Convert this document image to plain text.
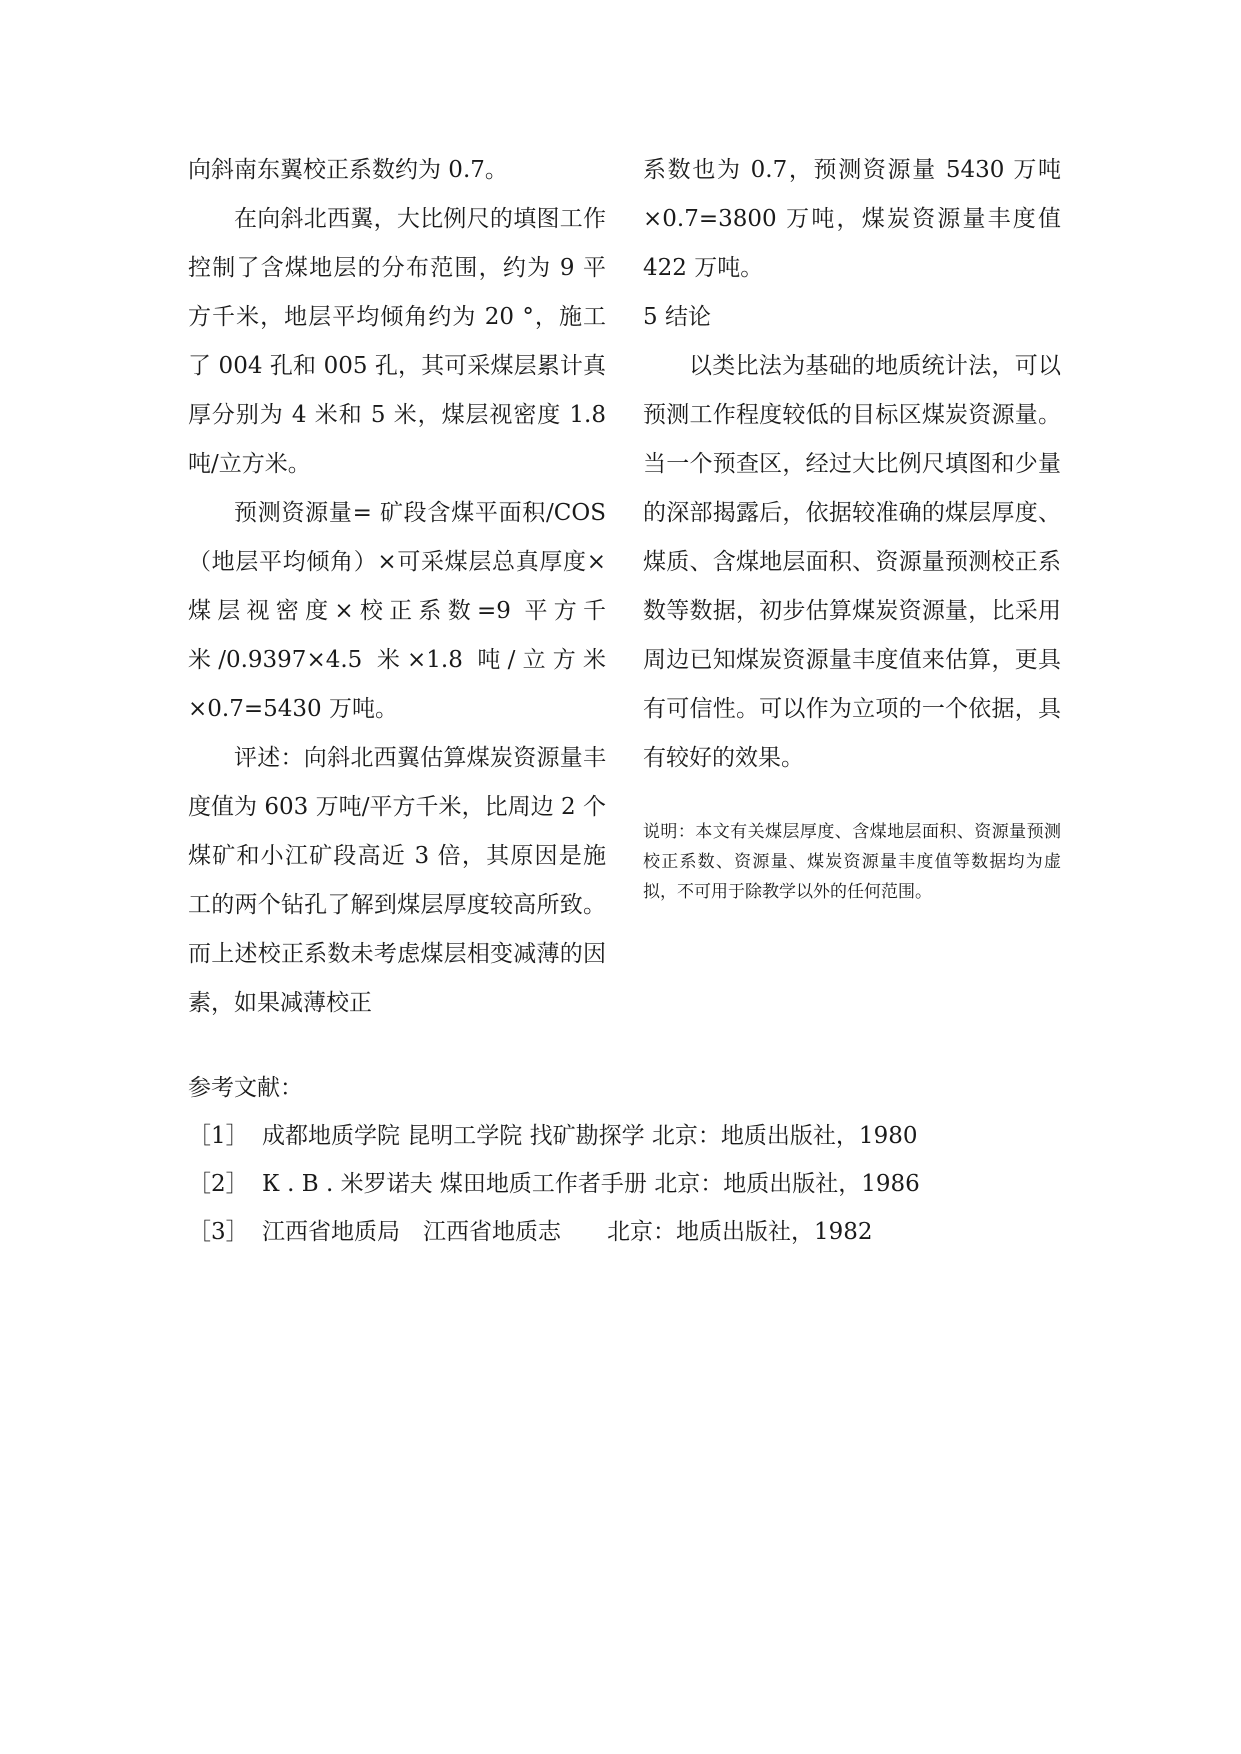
向斜南东翼校正系数约为 0.7。

在向斜北西翼，大比例尺的填图工作控制了含煤地层的分布范围，约为 9 平方千米，地层平均倾角约为 20 °，施工了 004 孔和 005 孔，其可采煤层累计真厚分别为 4 米和 5 米，煤层视密度 1.8 吨/立方米。

预测资源量= 矿段含煤平面积/COS（地层平均倾角）×可采煤层总真厚度×煤层视密度×校正系数=9 平方千米/0.9397×4.5 米×1.8 吨/立方米×0.7=5430 万吨。

评述：向斜北西翼估算煤炭资源量丰度值为 603 万吨/平方千米，比周边 2 个煤矿和小江矿段高近 3 倍，其原因是施工的两个钻孔了解到煤层厚度较高所致。而上述校正系数未考虑煤层相变减薄的因素，如果减薄校正

系数也为 0.7，预测资源量 5430 万吨×0.7=3800 万吨，煤炭资源量丰度值 422 万吨。

5 结论

以类比法为基础的地质统计法，可以预测工作程度较低的目标区煤炭资源量。当一个预查区，经过大比例尺填图和少量的深部揭露后，依据较准确的煤层厚度、煤质、含煤地层面积、资源量预测校正系数等数据，初步估算煤炭资源量，比采用周边已知煤炭资源量丰度值来估算，更具有可信性。可以作为立项的一个依据，具有较好的效果。

说明：本文有关煤层厚度、含煤地层面积、资源量预测校正系数、资源量、煤炭资源量丰度值等数据均为虚拟，不可用于除教学以外的任何范围。

参考文献：

［1］ 成都地质学院 昆明工学院 找矿勘探学 北京：地质出版社，1980

［2］ К . В . 米罗诺夫 煤田地质工作者手册 北京：地质出版社，1986

［3］ 江西省地质局　江西省地质志　　北京：地质出版社，1982
